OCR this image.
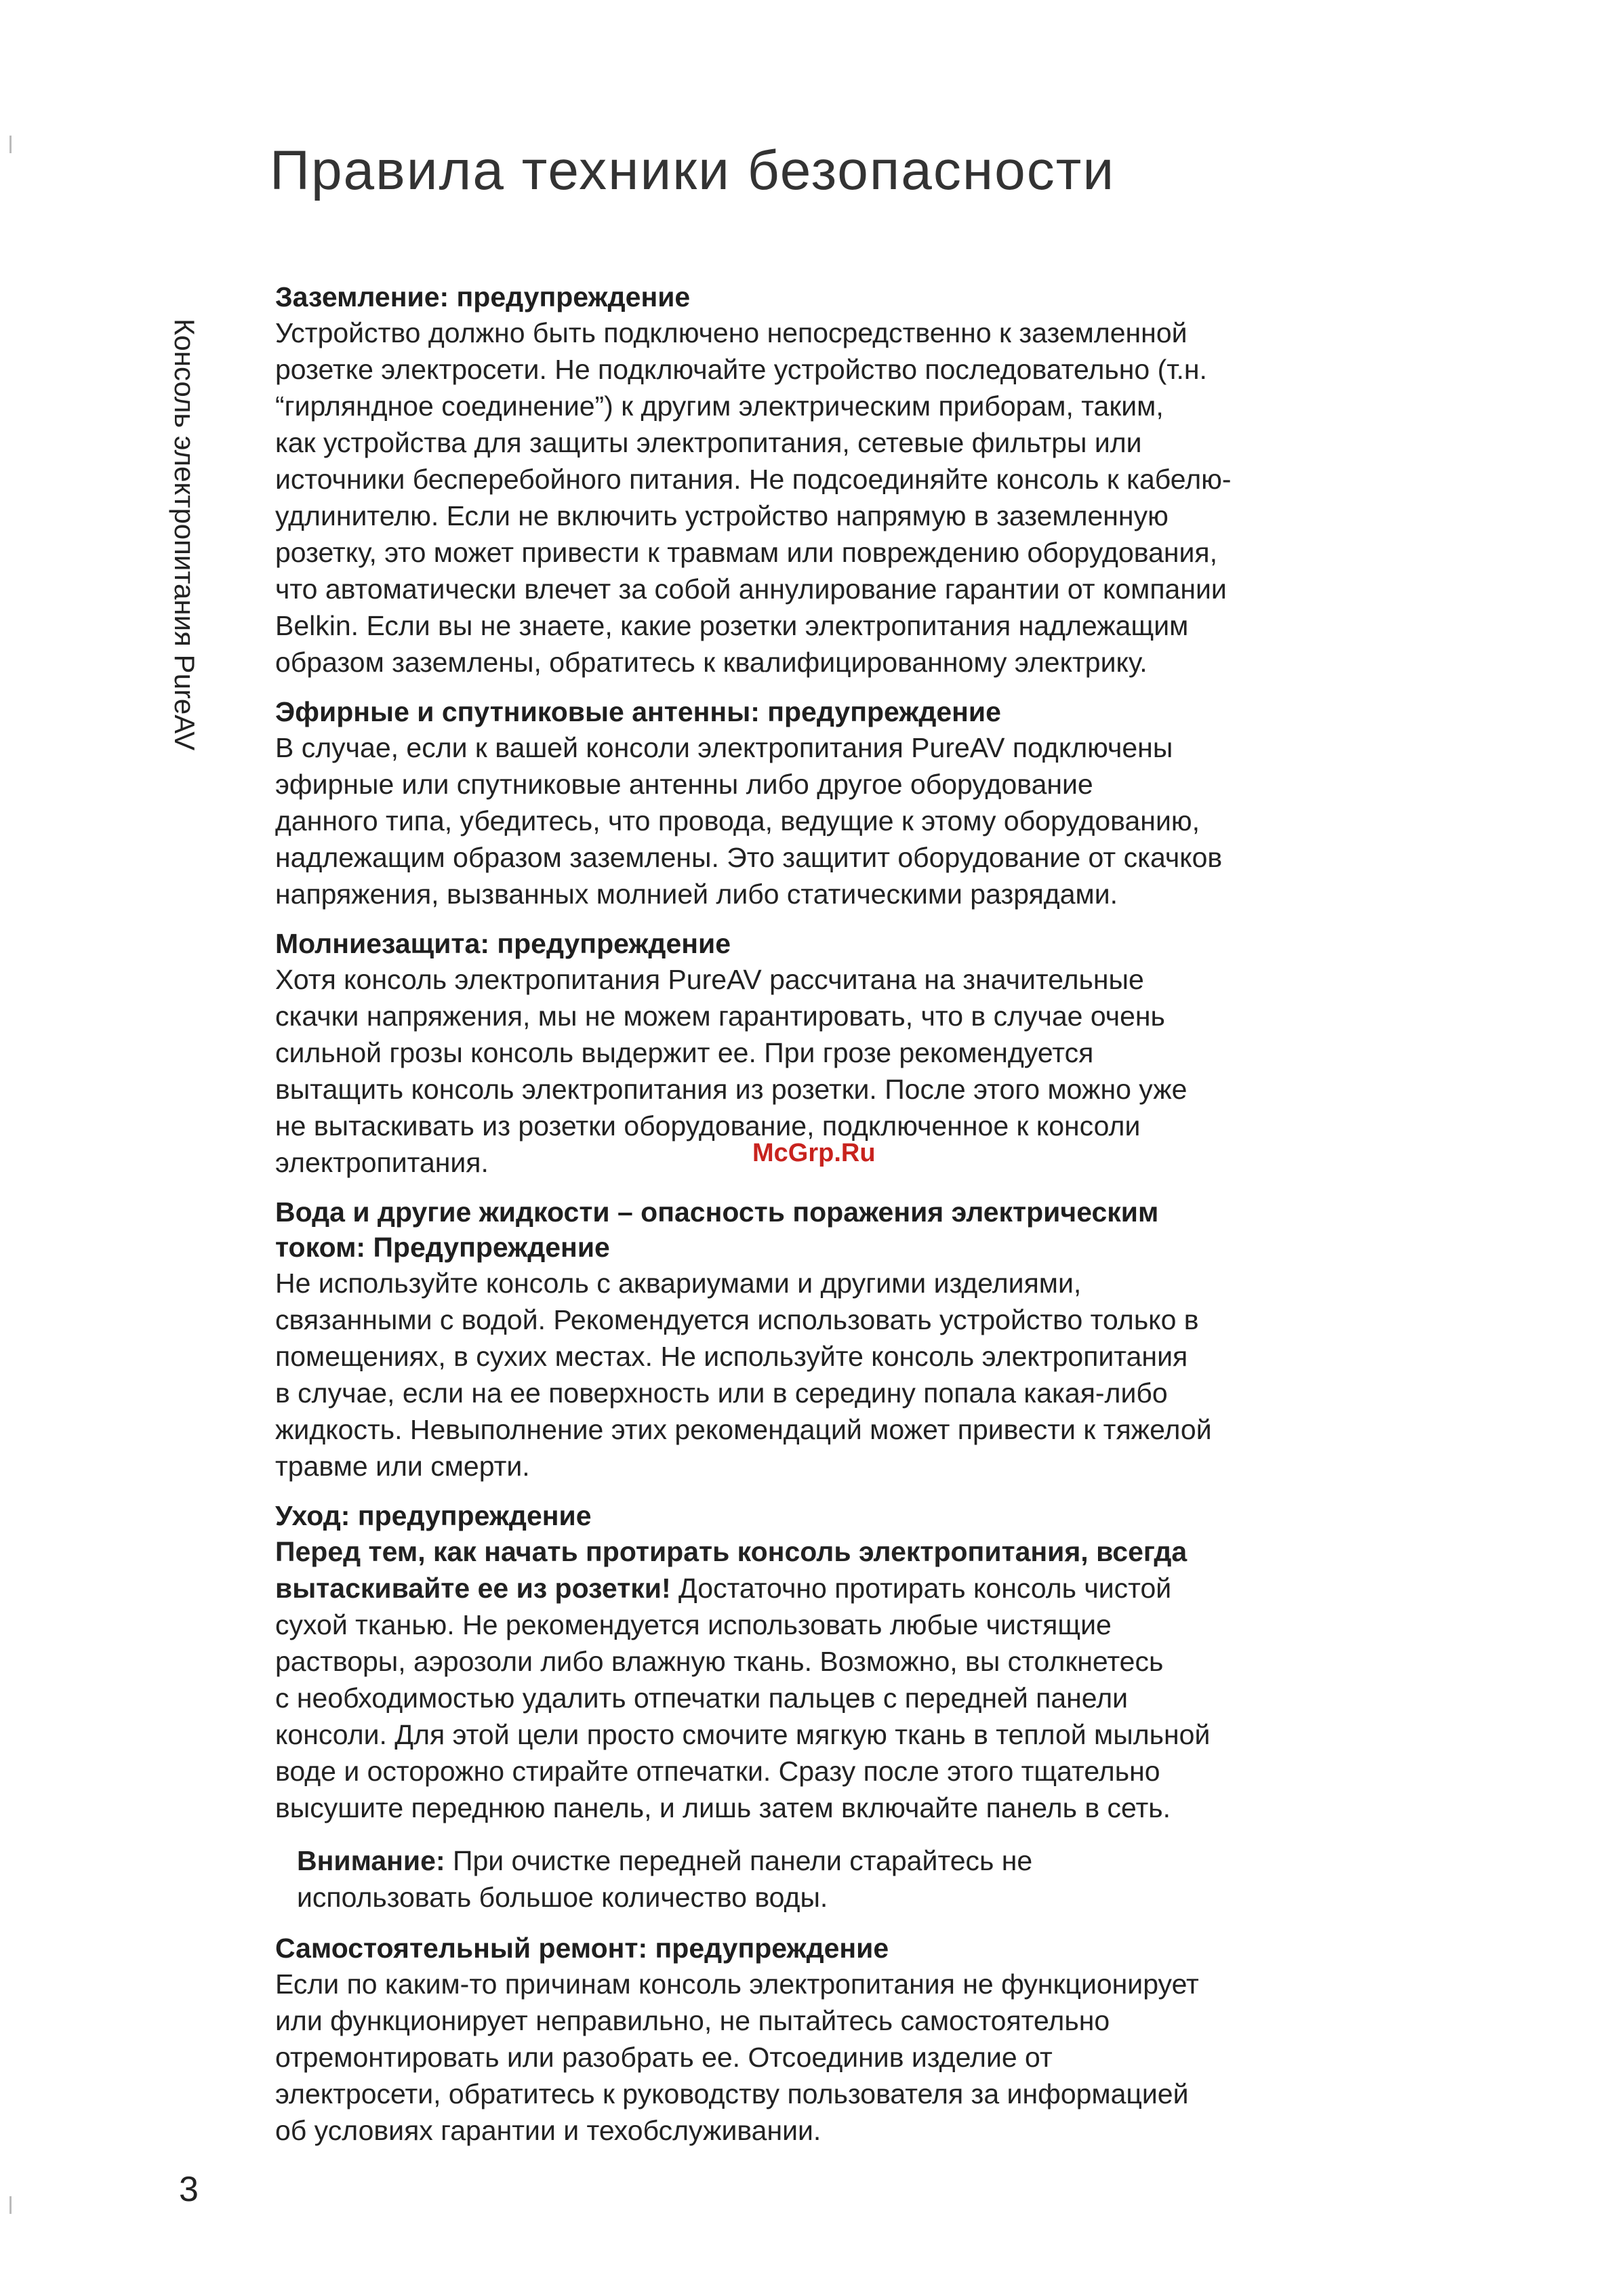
Правила техники безопасности
Консоль электропитания PureAV

Заземление: предупреждение

Устройство должно быть подключено непосредственно к заземленной
розетке электросети. Не подключайте устройство последовательно (т.н.
“гирляндное соединение”) к другим электрическим приборам, таким,
как устройства для защиты электропитания, сетевые фильтры или
источники бесперебойного питания. Не подсоединяйте консоль к кабелю-
удлинителю. Если не включить устройство напрямую в заземленную
розетку, это может привести к травмам или повреждению оборудования,
что автоматически влечет за собой аннулирование гарантии от компании
Belkin. Если вы не знаете, какие розетки электропитания надлежащим
образом заземлены, обратитесь к квалифицированному электрику.

Эфирные и спутниковые антенны: предупреждение

В случае, если к вашей консоли электропитания PureAV подключены
эфирные или спутниковые антенны либо другое оборудование
данного типа, убедитесь, что провода, ведущие к этому оборудованию,
надлежащим образом заземлены. Это защитит оборудование от скачков
напряжения, вызванных молнией либо статическими разрядами.

Молниезащита: предупреждение

Хотя консоль электропитания PureAV рассчитана на значительные
скачки напряжения, мы не можем гарантировать, что в случае очень
сильной грозы консоль выдержит ее. При грозе рекомендуется
вытащить консоль электропитания из розетки. После этого можно уже
не вытаскивать из розетки оборудование, подключенное к консоли
электропитания.

Вода и другие жидкости – опасность поражения электрическим
током: Предупреждение

Не используйте консоль с аквариумами и другими изделиями,
связанными с водой. Рекомендуется использовать устройство только в
помещениях, в сухих местах. Не используйте консоль электропитания
в случае, если на ее поверхность или в середину попала какая-либо
жидкость. Невыполнение этих рекомендаций может привести к тяжелой
травме или смерти.

Уход: предупреждение

Перед тем, как начать протирать консоль электропитания, всегда
вытаскивайте ее из розетки! Достаточно протирать консоль чистой
сухой тканью. Не рекомендуется использовать любые чистящие
растворы, аэрозоли либо влажную ткань. Возможно, вы столкнетесь
с необходимостью удалить отпечатки пальцев с передней панели
консоли. Для этой цели просто смочите мягкую ткань в теплой мыльной
воде и осторожно стирайте отпечатки. Сразу после этого тщательно
высушите переднюю панель, и лишь затем включайте панель в сеть.

Внимание: При очистке передней панели старайтесь не
использовать большое количество воды.

Самостоятельный ремонт: предупреждение

Если по каким-то причинам консоль электропитания не функционирует
или функционирует неправильно, не пытайтесь самостоятельно
отремонтировать или разобрать ее. Отсоединив изделие от
электросети, обратитесь к руководству пользователя за информацией
об условиях гарантии и техобслуживании.

McGrp.Ru
3
